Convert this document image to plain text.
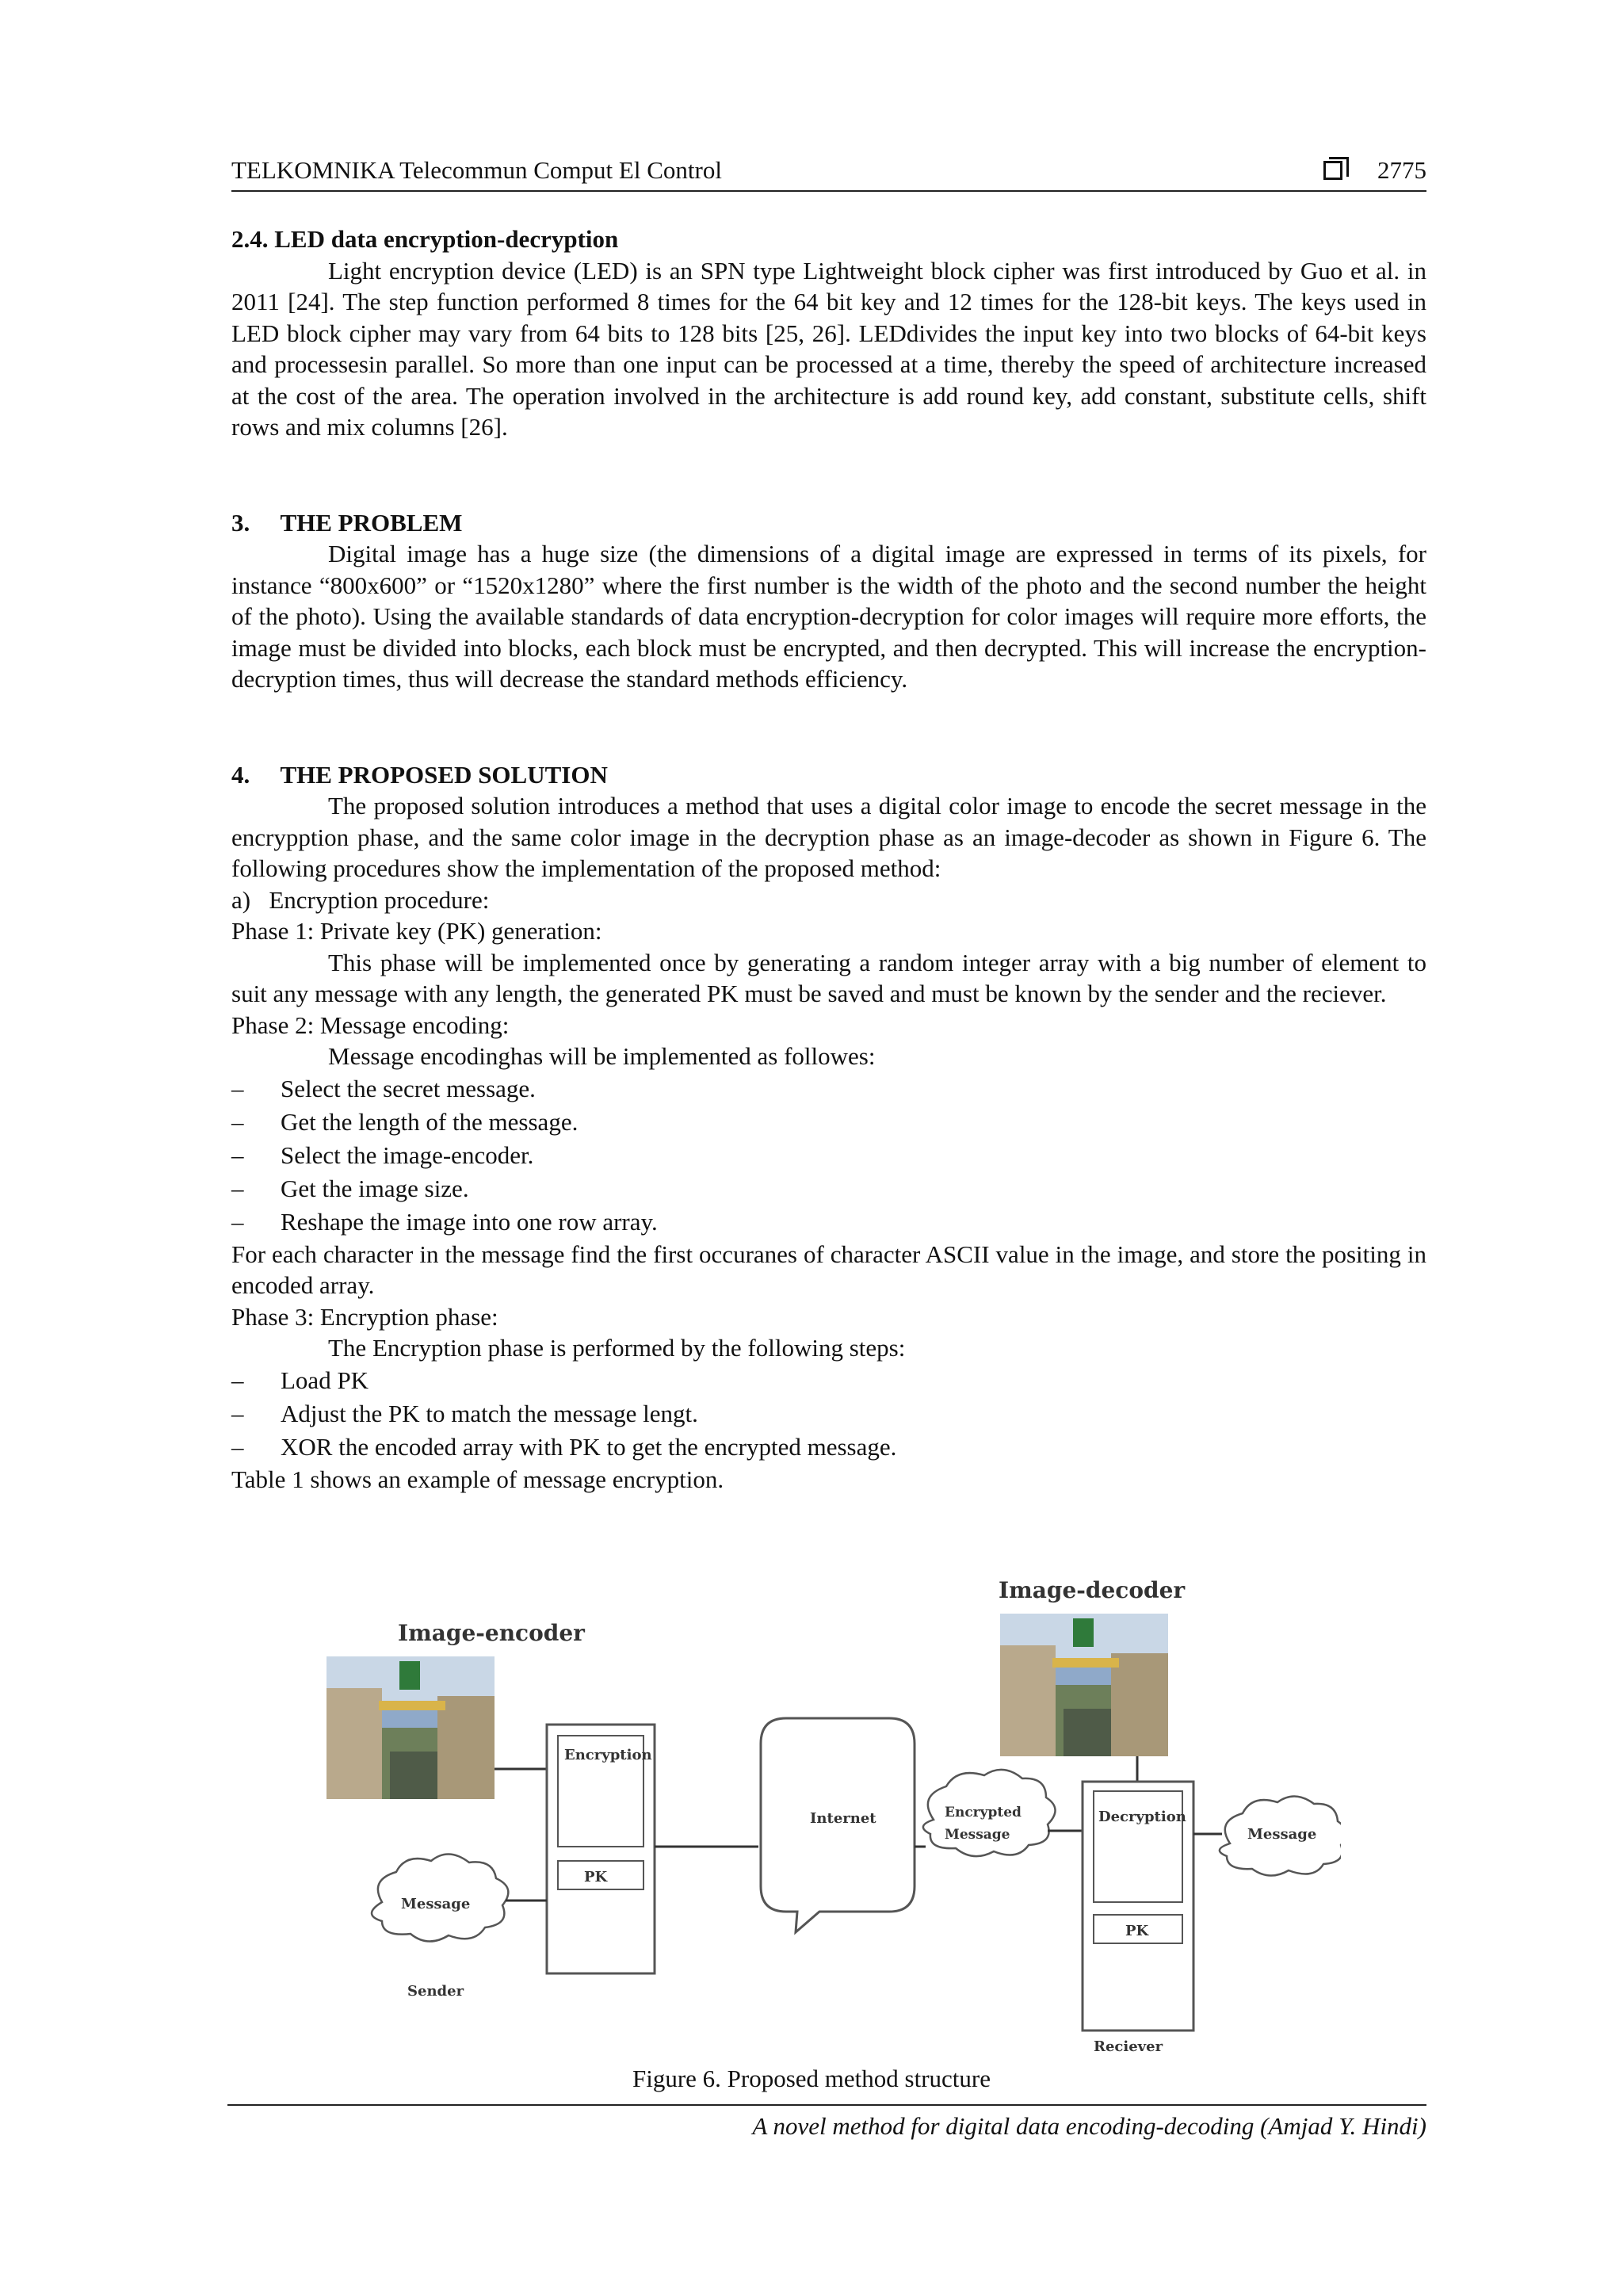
TELKOMNIKA Telecommun Comput El Control	2775

2.4. LED data encryption-decryption

Light encryption device (LED) is an SPN type Lightweight block cipher was first introduced by Guo et al. in 2011 [24]. The step function performed 8 times for the 64 bit key and 12 times for the 128-bit keys. The keys used in LED block cipher may vary from 64 bits to 128 bits [25, 26]. LEDdivides the input key into two blocks of 64-bit keys and processesin parallel. So more than one input can be processed at a time, thereby the speed of architecture increased at the cost of the area. The operation involved in the architecture is add round key, add constant, substitute cells, shift rows and mix columns [26].

3.     THE PROBLEM

Digital image has a huge size (the dimensions of a digital image are expressed in terms of its pixels, for instance “800x600” or “1520x1280” where the first number is the width of the photo and the second number the height of the photo). Using the available standards of data encryption-decryption for color images will require more efforts, the image must be divided into blocks, each block must be encrypted, and then decrypted. This will increase the encryption-decryption times, thus will decrease the standard methods efficiency.

4.     THE PROPOSED SOLUTION

The proposed solution introduces a method that uses a digital color image to encode the secret message in the encrypption phase, and the same color image in the decryption phase as an image-decoder as shown in Figure 6. The following procedures show the implementation of the proposed method:

a)   Encryption procedure:

Phase 1: Private key (PK) generation:

This phase will be implemented once by generating a random integer array with a big number of element to suit any message with any length, the generated PK must be saved and must be known by the sender and the reciever.

Phase 2: Message encoding:

Message encodinghas will be implemented as followes:

– Select the secret message.

– Get the length of the message.

– Select the image-encoder.

– Get the image size.

– Reshape the image into one row array.

For each character in the message find the first occuranes of character ASCII value in the image, and store the positing in encoded array.

Phase 3: Encryption phase:

The Encryption phase is performed by the following steps:

– Load PK

– Adjust the PK to match the message lengt.

– XOR the encoded array with PK to get the encrypted message.

Table 1 shows an example of message encryption.

Image-encoder
Encryption
PK
Message
Sender
Internet	Encrypted
Message
Image-decoder
Decryption
PK
Reciever
Message
Figure 6. Proposed method structure
A novel method for digital data encoding-decoding (Amjad Y. Hindi)
